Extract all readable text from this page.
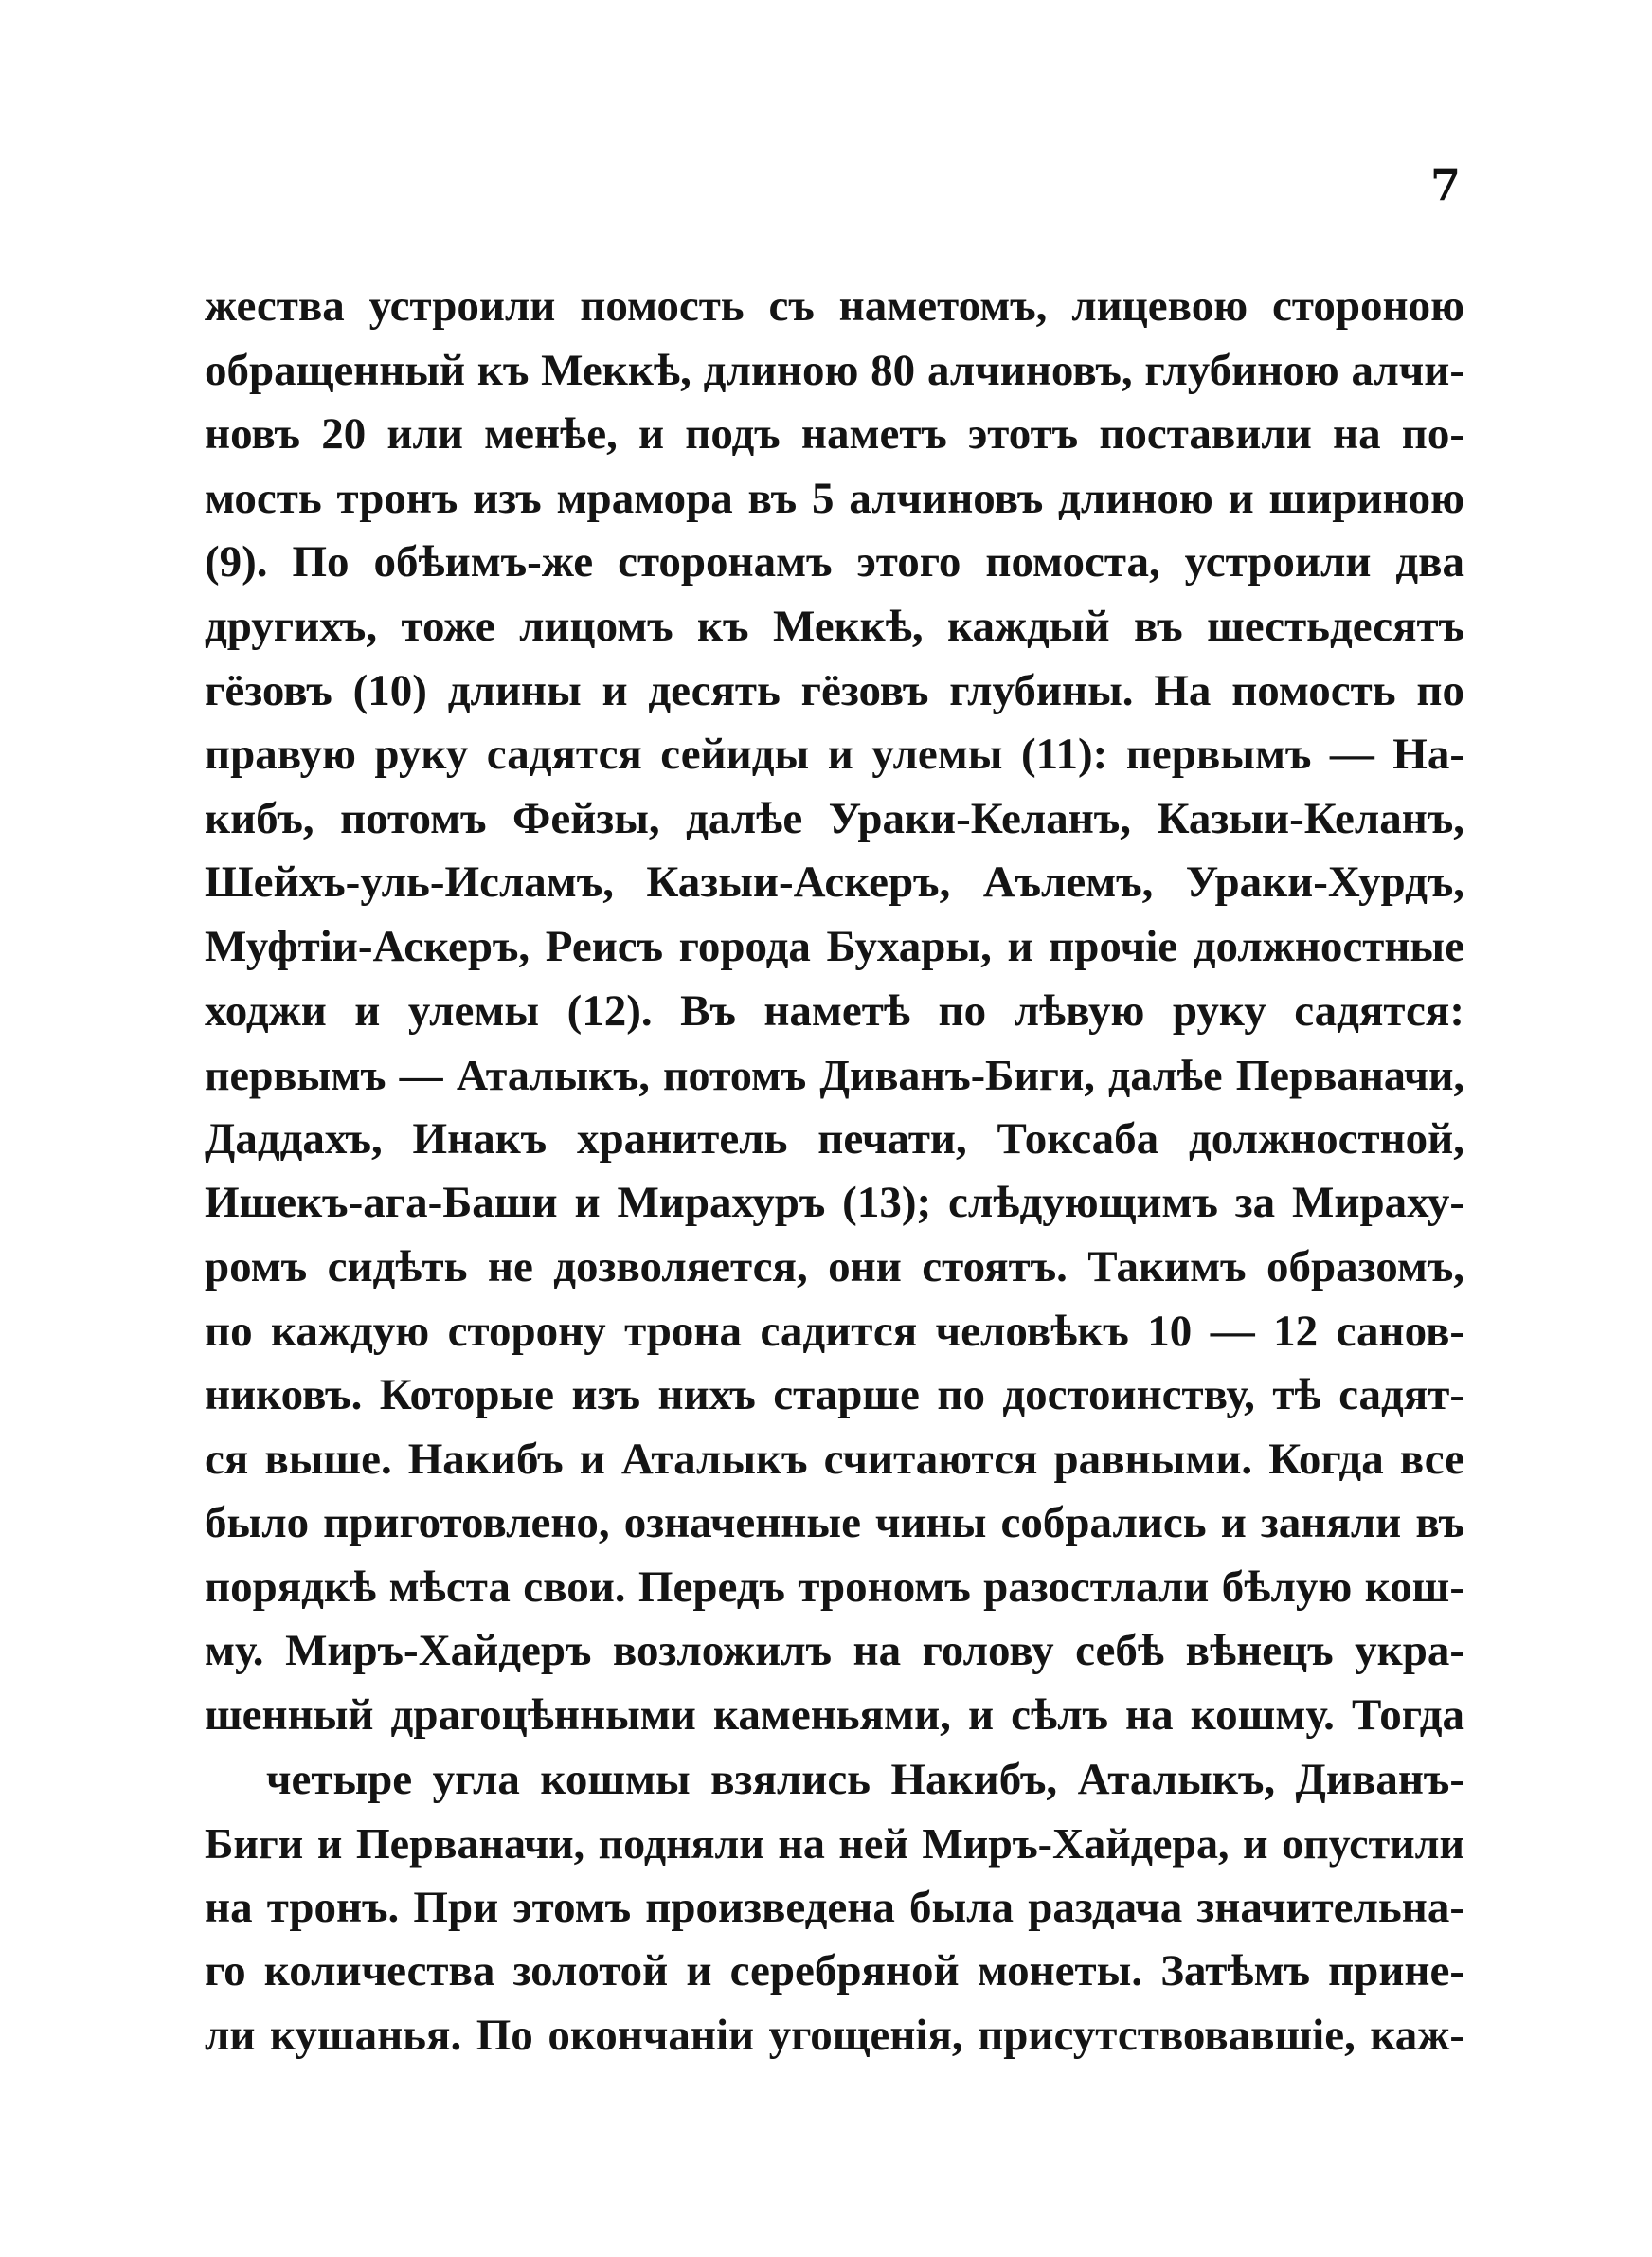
7
жества устроили помость съ наметомъ, лицевою стороною
обращенный къ Меккѣ, длиною 80 алчиновъ, глубиною алчи-
новъ 20 или менѣе, и подъ наметъ этотъ поставили на по-
мость тронъ изъ мрамора въ 5 алчиновъ длиною и шириною
(9). По обѣимъ-же сторонамъ этого помоста, устроили два
другихъ, тоже лицомъ къ Меккѣ, каждый въ шестьдесятъ
гёзовъ (10) длины и десять гёзовъ глубины. На помость по
правую руку садятся сейиды и улемы (11): первымъ — На-
кибъ, потомъ Фейзы, далѣе Ураки-Келанъ, Казыи-Келанъ,
Шейхъ-уль-Исламъ, Казыи-Аскеръ, Аълемъ, Ураки-Хурдъ,
Муфтіи-Аскеръ, Реисъ города Бухары, и прочіе должностные
ходжи и улемы (12). Въ наметѣ по лѣвую руку садятся:
первымъ — Аталыкъ, потомъ Диванъ-Биги, далѣе Перваначи,
Даддахъ, Инакъ хранитель печати, Токсаба должностной,
Ишекъ-ага-Баши и Мирахуръ (13); слѣдующимъ за Мираху-
ромъ сидѣть не дозволяется, они стоятъ. Такимъ образомъ,
по каждую сторону трона садится человѣкъ 10 — 12 санов-
никовъ. Которые изъ нихъ старше по достоинству, тѣ садят-
ся выше. Накибъ и Аталыкъ считаются равными. Когда все
было приготовлено, означенные чины собрались и заняли въ
порядкѣ мѣста свои. Передъ трономъ разостлали бѣлую кош-
му. Миръ-Хайдеръ возложилъ на голову себѣ вѣнецъ укра-
шенный драгоцѣнными каменьями, и сѣлъ на кошму. Тогда
четыре угла кошмы взялись Накибъ, Аталыкъ, Диванъ-
Биги и Перваначи, подняли на ней Миръ-Хайдера, и опустили
на тронъ. При этомъ произведена была раздача значительна-
го количества золотой и серебряной монеты. Затѣмъ прине-
ли кушанья. По окончаніи угощенія, присутствовавшіе, каж-
